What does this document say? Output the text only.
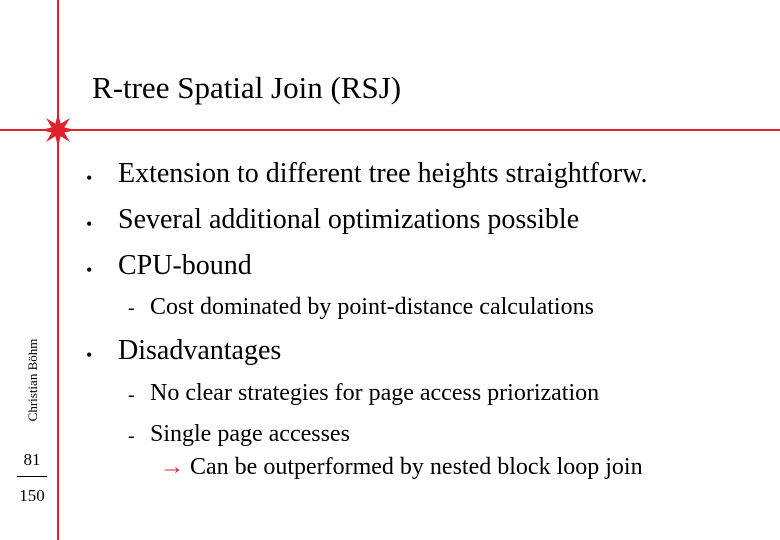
R-tree Spatial Join (RSJ)
Christian Böhm
81
150
• Extension to different tree heights straightforw.
• Several additional optimizations possible
• CPU-bound
- Cost dominated by point-distance calculations
• Disadvantages
- No clear strategies for page access priorization
- Single page accesses
→ Can be outperformed by nested block loop join
